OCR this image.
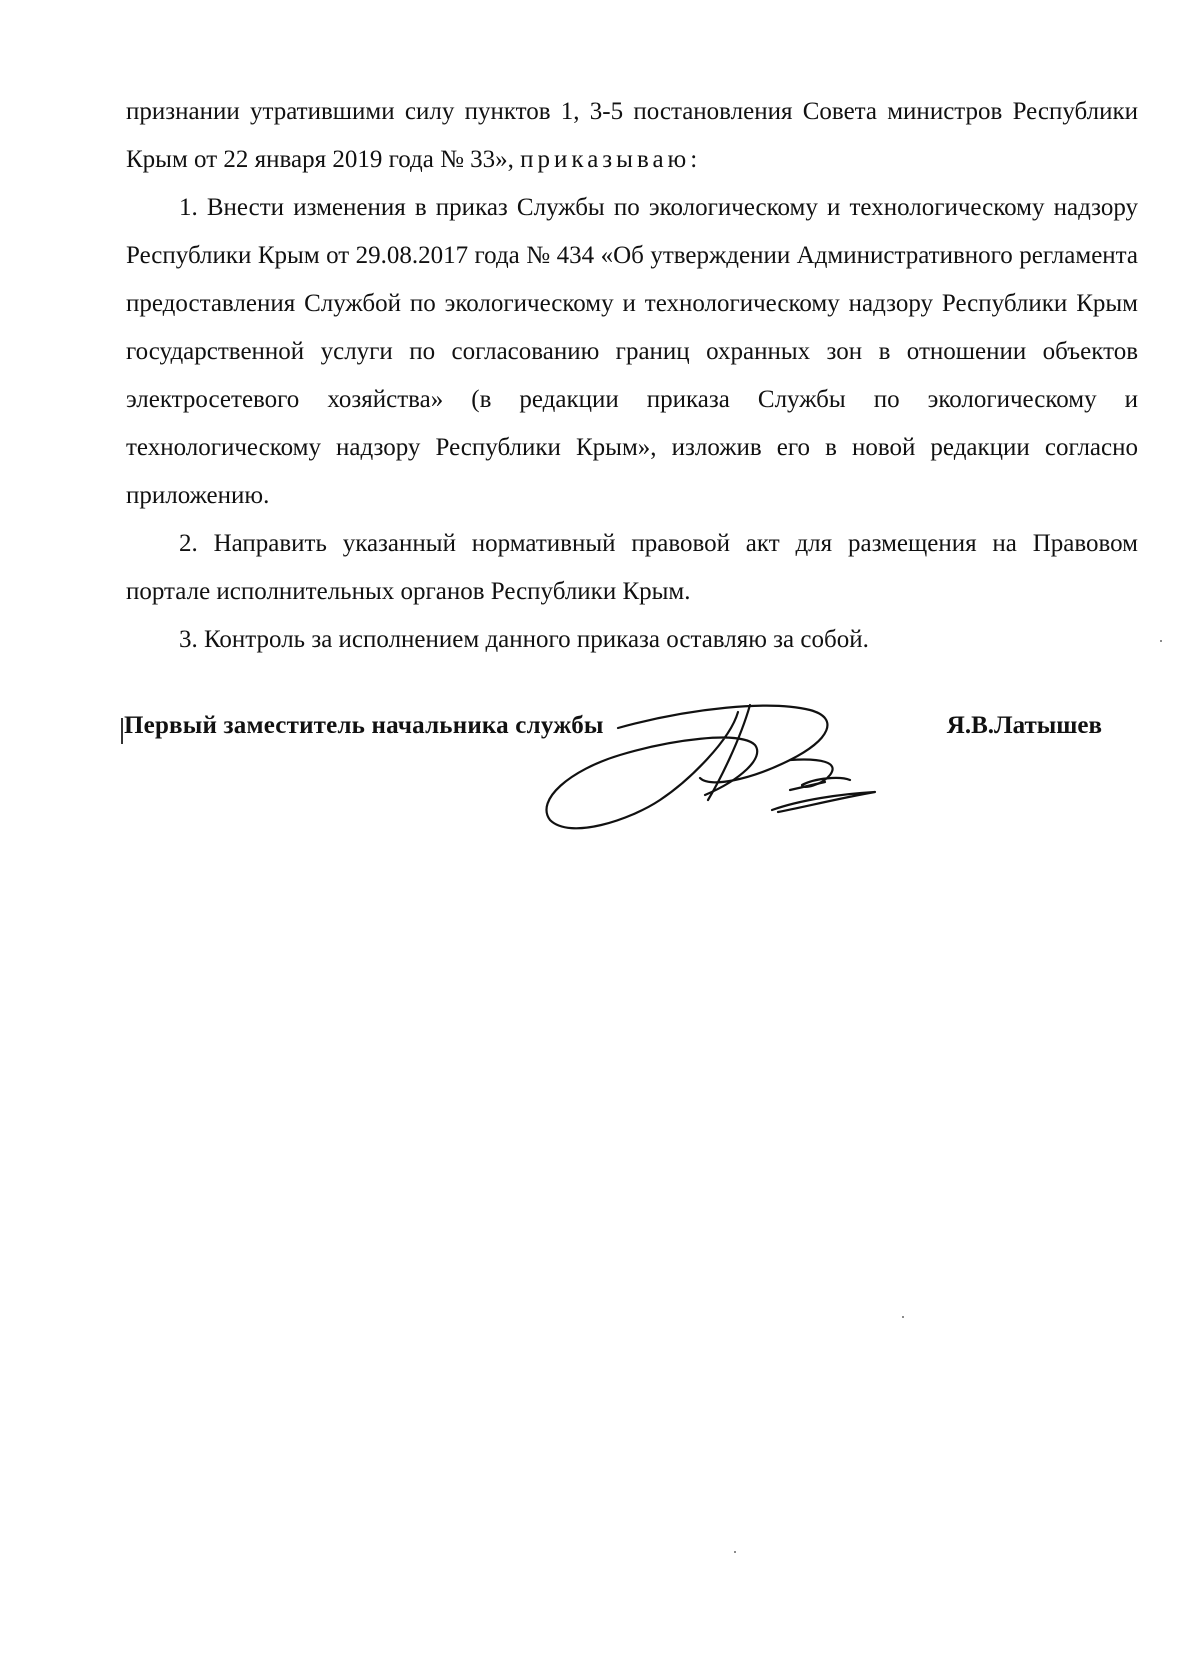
признании утратившими силу пунктов 1, 3-5 постановления Совета министров Республики Крым от 22 января 2019 года № 33», приказываю:

1. Внести изменения в приказ Службы по экологическому и технологическому надзору Республики Крым от 29.08.2017 года № 434 «Об утверждении Административного регламента предоставления Службой по экологическому и технологическому надзору Республики Крым государственной услуги по согласованию границ охранных зон в отношении объектов электросетевого хозяйства» (в редакции приказа Службы по экологическому и технологическому надзору Республики Крым», изложив его в новой редакции согласно приложению.

2. Направить указанный нормативный правовой акт для размещения на Правовом портале исполнительных органов Республики Крым.

3. Контроль за исполнением данного приказа оставляю за собой.

Первый заместитель начальника службы	Я.В.Латышев
